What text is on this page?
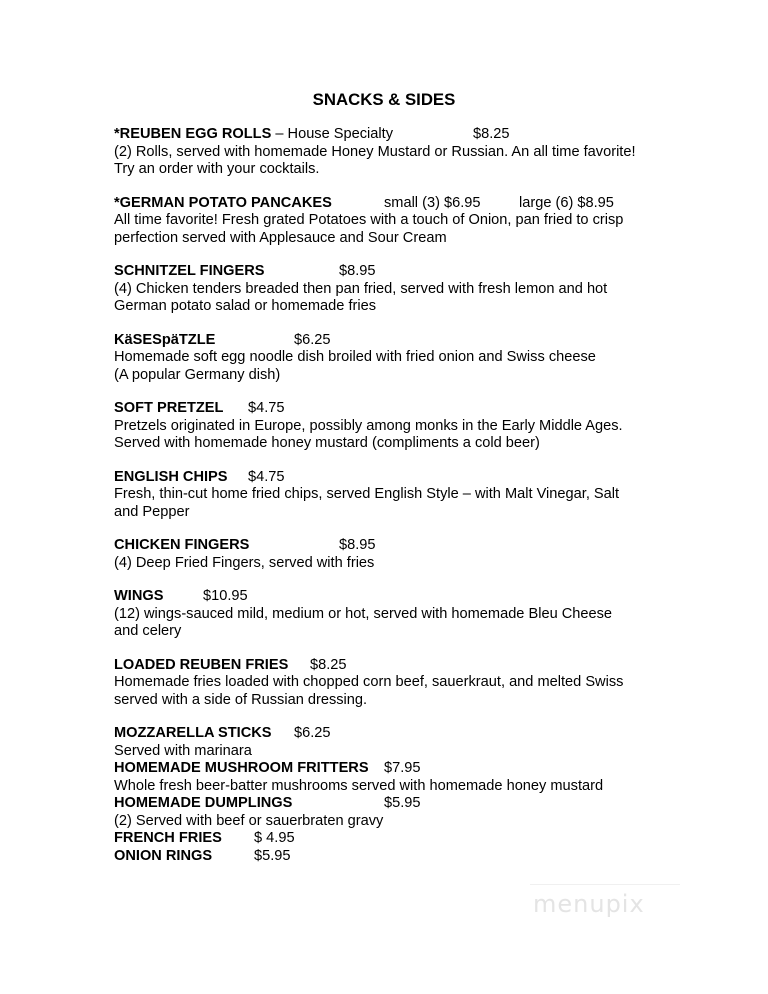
SNACKS & SIDES
*REUBEN EGG ROLLS – House Specialty	$8.25
(2) Rolls, served with homemade Honey Mustard or Russian. An all time favorite!
Try an order with your cocktails.
*GERMAN POTATO PANCAKES	small (3) $6.95	large (6) $8.95
All time favorite! Fresh grated Potatoes with a touch of Onion, pan fried to crisp
perfection served with Applesauce and Sour Cream
SCHNITZEL FINGERS	$8.95
(4) Chicken tenders breaded then pan fried, served with fresh lemon and hot
German potato salad or homemade fries
KäSESpäTZLE	$6.25
Homemade soft egg noodle dish broiled with fried onion and Swiss cheese
(A popular Germany dish)
SOFT PRETZEL $4.75
Pretzels originated in Europe, possibly among monks in the Early Middle Ages.
Served with homemade honey mustard (compliments a cold beer)
ENGLISH CHIPS $4.75
Fresh, thin-cut home fried chips, served English Style – with Malt Vinegar, Salt
and Pepper
CHICKEN FINGERS	$8.95
(4) Deep Fried Fingers, served with fries
WINGS	$10.95
(12) wings-sauced mild, medium or hot, served with homemade Bleu Cheese
and celery
LOADED REUBEN FRIES $8.25
Homemade fries loaded with chopped corn beef, sauerkraut, and melted Swiss
served with a side of Russian dressing.
MOZZARELLA STICKS $6.25
Served with marinara
HOMEMADE MUSHROOM FRITTERS $7.95
Whole fresh beer-batter mushrooms served with homemade honey mustard
HOMEMADE DUMPLINGS	$5.95
(2) Served with beef or sauerbraten gravy
FRENCH FRIES $ 4.95
ONION RINGS	$5.95
menupix
